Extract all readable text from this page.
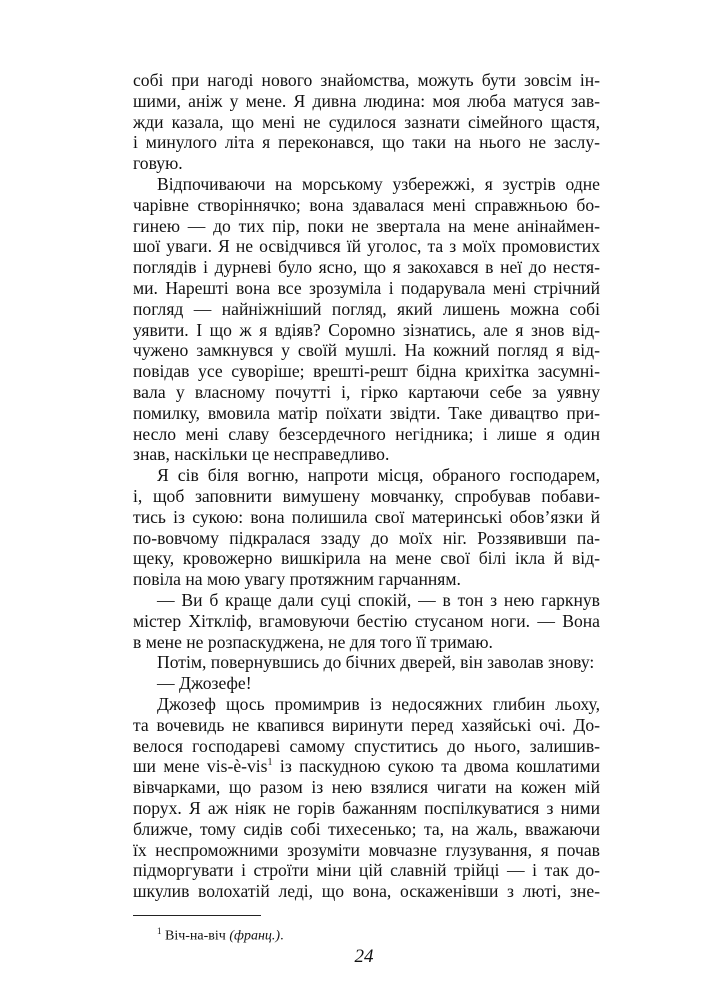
собі при нагоді нового знайомства, можуть бути зовсім ін-
шими, аніж у мене. Я дивна людина: моя люба матуся зав-
жди казала, що мені не судилося зазнати сімейного щастя,
і минулого літа я переконався, що таки на нього не заслу-
говую.
Відпочиваючи на морському узбережжі, я зустрів одне
чарівне створіннячко; вона здавалася мені справжньою бо-
гинею — до тих пір, поки не звертала на мене анінаймен-
шої уваги. Я не освідчився їй уголос, та з моїх промовистих
поглядів і дурневі було ясно, що я закохався в неї до нестя-
ми. Нарешті вона все зрозуміла і подарувала мені стрічний
погляд — найніжніший погляд, який лишень можна собі
уявити. І що ж я вдіяв? Соромно зізнатись, але я знов від-
чужено замкнувся у своїй мушлі. На кожний погляд я від-
повідав усе суворіше; врешті-решт бідна крихітка засумні-
вала у власному почутті і, гірко картаючи себе за уявну
помилку, вмовила матір поїхати звідти. Таке дивацтво при-
несло мені славу безсердечного негідника; і лише я один
знав, наскільки це несправедливо.
Я сів біля вогню, напроти місця, обраного господарем,
і, щоб заповнити вимушену мовчанку, спробував побави-
тись із сукою: вона полишила свої материнські обов’язки й
по-вовчому підкралася ззаду до моїх ніг. Роззявивши па-
щеку, кровожерно вишкірила на мене свої білі ікла й від-
повіла на мою увагу протяжним гарчанням.
— Ви б краще дали суці спокій, — в тон з нею гаркнув
містер Хіткліф, вгамовуючи бестію стусаном ноги. — Вона
в мене не розпаскуджена, не для того її тримаю.
Потім, повернувшись до бічних дверей, він заволав знову:
— Джозефе!
Джозеф щось промимрив із недосяжних глибин льоху,
та вочевидь не квапився виринути перед хазяйські очі. До-
велося господареві самому спуститись до нього, залишив-
ши мене vis-è-vis$^1$ із паскудною сукою та двома кошлатими
вівчарками, що разом із нею взялися чигати на кожен мій
порух. Я аж ніяк не горів бажанням поспілкуватися з ними
ближче, тому сидів собі тихесенько; та, на жаль, вважаючи
їх неспроможними зрозуміти мовчазне глузування, я почав
підморгувати і строїти міни цій славній трійці — і так до-
шкулив волохатій леді, що вона, оскаженівши з люті, зне-
$^1$ Віч-на-віч (франц.).
24
